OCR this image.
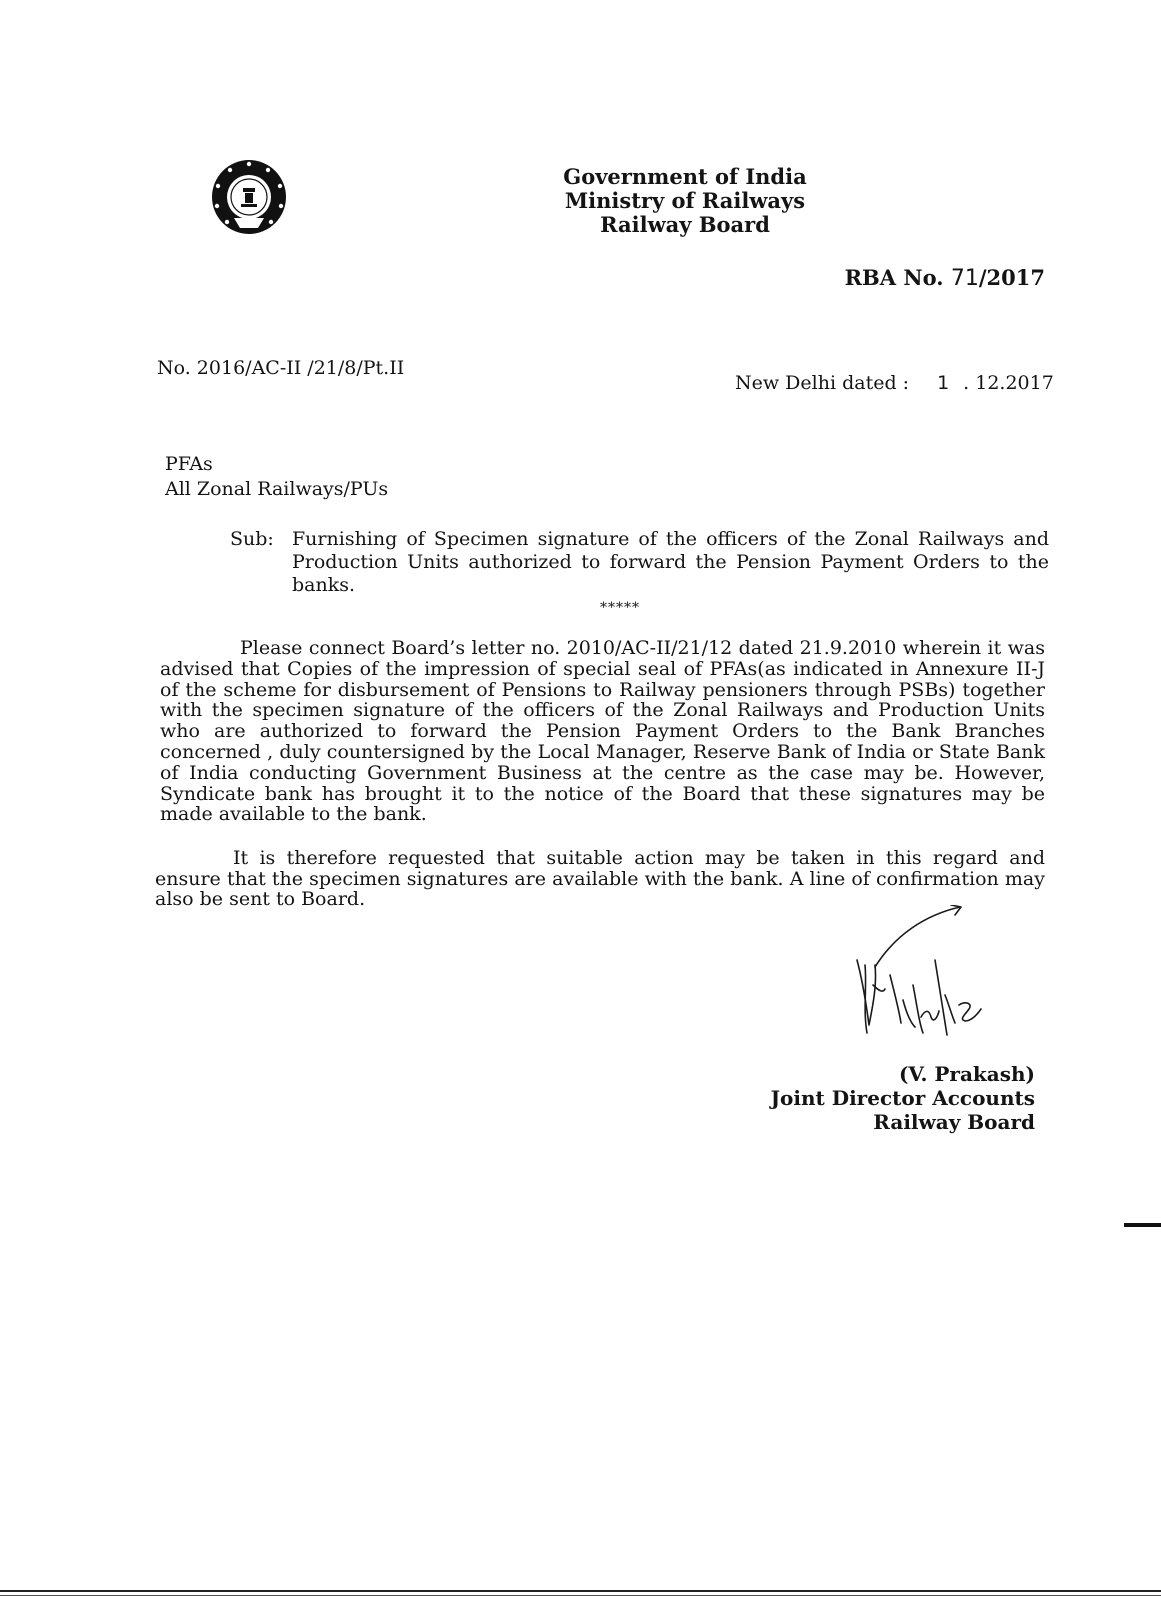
Government of India
Ministry of Railways
Railway Board
RBA No. 71/2017
No. 2016/AC-II /21/8/Pt.II
New Delhi dated : 1 . 12.2017
PFAs
All Zonal Railways/PUs
Sub: Furnishing of Specimen signature of the officers of the Zonal Railways and Production Units authorized to forward the Pension Payment Orders to the banks.
*****
Please connect Board’s letter no. 2010/AC-II/21/12 dated 21.9.2010 wherein it was advised that Copies of the impression of special seal of PFAs(as indicated in Annexure II-J of the scheme for disbursement of Pensions to Railway pensioners through PSBs) together with the specimen signature of the officers of the Zonal Railways and Production Units who are authorized to forward the Pension Payment Orders to the Bank Branches concerned , duly countersigned by the Local Manager, Reserve Bank of India or State Bank of India conducting Government Business at the centre as the case may be. However, Syndicate bank has brought it to the notice of the Board that these signatures may be made available to the bank.
It is therefore requested that suitable action may be taken in this regard and ensure that the specimen signatures are available with the bank. A line of confirmation may also be sent to Board.
(V. Prakash)
Joint Director Accounts
Railway Board
